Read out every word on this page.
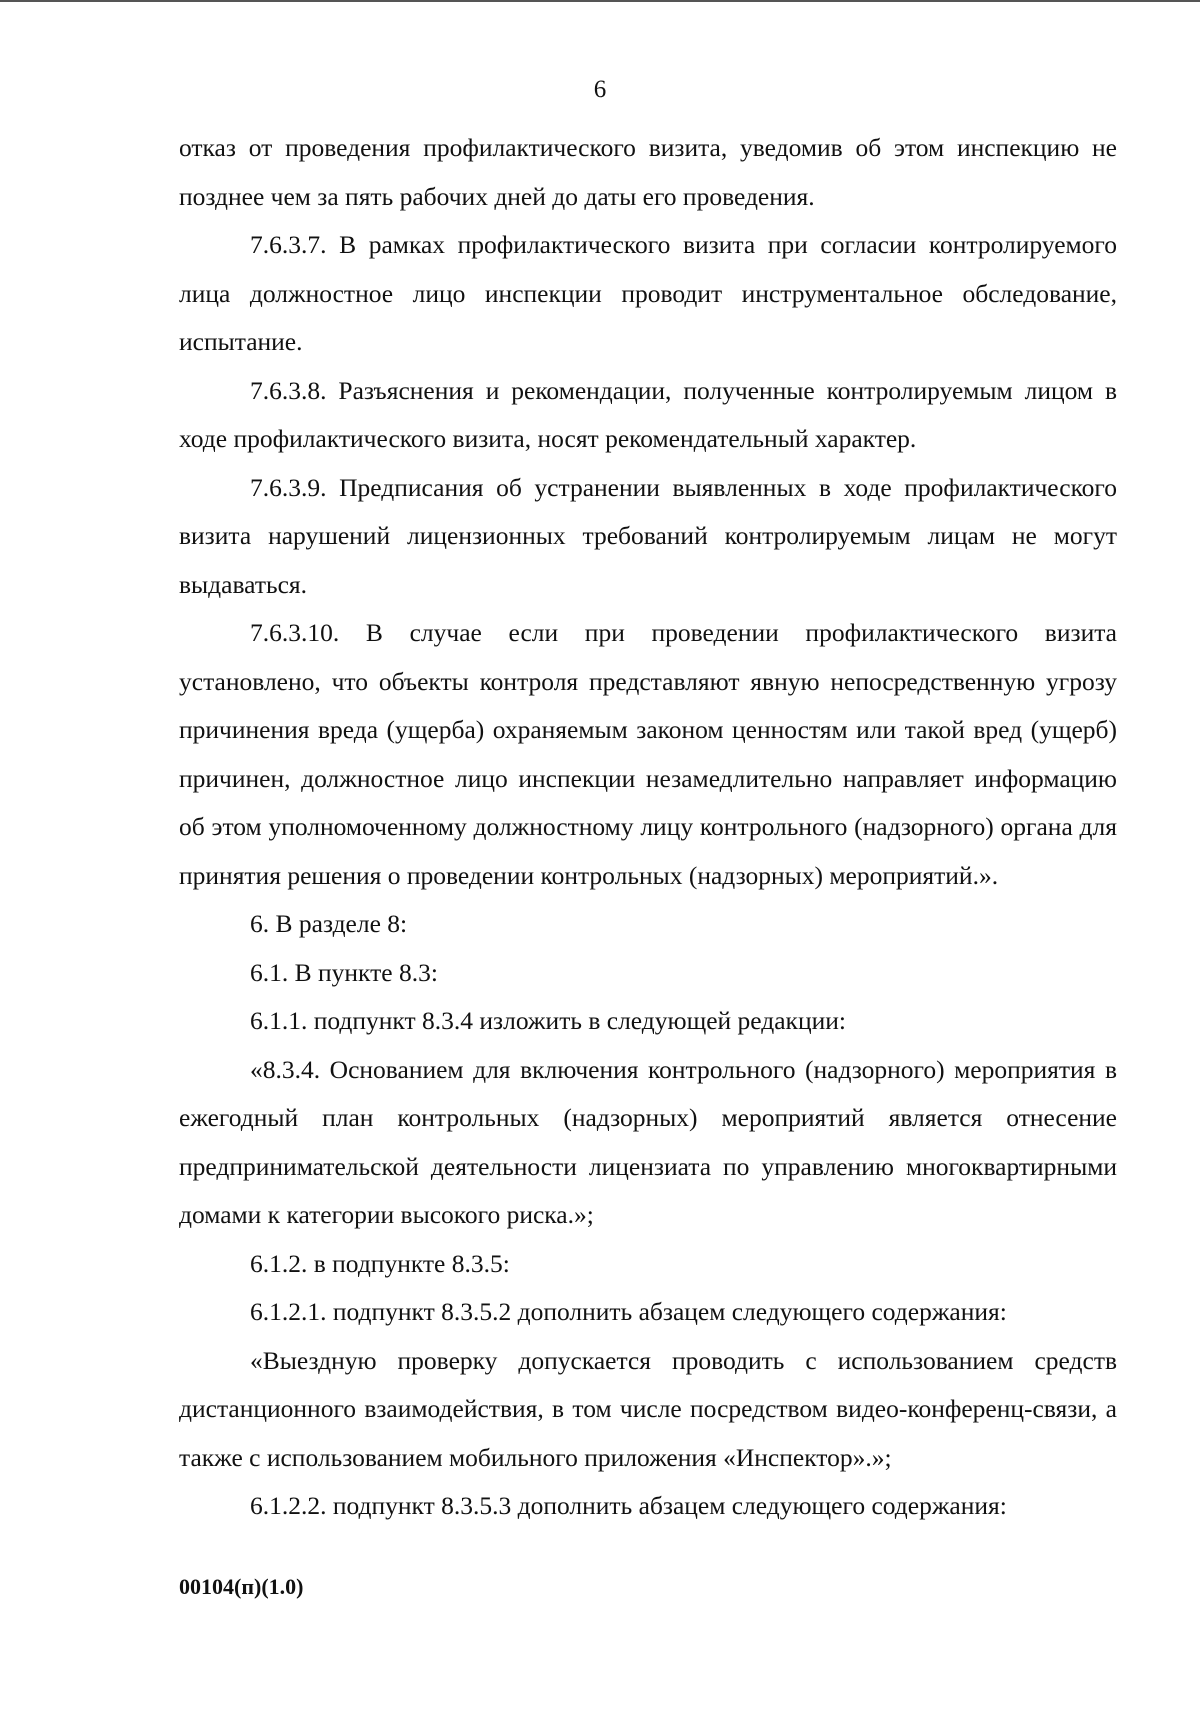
6

отказ от проведения профилактического визита, уведомив об этом инспекцию не позднее чем за пять рабочих дней до даты его проведения.

7.6.3.7. В рамках профилактического визита при согласии контролируемого лица должностное лицо инспекции проводит инструментальное обследование, испытание.

7.6.3.8. Разъяснения и рекомендации, полученные контролируемым лицом в ходе профилактического визита, носят рекомендательный характер.

7.6.3.9. Предписания об устранении выявленных в ходе профилактического визита нарушений лицензионных требований контролируемым лицам не могут выдаваться.

7.6.3.10. В случае если при проведении профилактического визита установлено, что объекты контроля представляют явную непосредственную угрозу причинения вреда (ущерба) охраняемым законом ценностям или такой вред (ущерб) причинен, должностное лицо инспекции незамедлительно направляет информацию об этом уполномоченному должностному лицу контрольного (надзорного) органа для принятия решения о проведении контрольных (надзорных) мероприятий.».

6. В разделе 8:

6.1. В пункте 8.3:

6.1.1. подпункт 8.3.4 изложить в следующей редакции:

«8.3.4. Основанием для включения контрольного (надзорного) мероприятия в ежегодный план контрольных (надзорных) мероприятий является отнесение предпринимательской деятельности лицензиата по управлению многоквартирными домами к категории высокого риска.»;

6.1.2. в подпункте 8.3.5:

6.1.2.1. подпункт 8.3.5.2 дополнить абзацем следующего содержания:

«Выездную проверку допускается проводить с использованием средств дистанционного взаимодействия, в том числе посредством видео-конференц-связи, а также с использованием мобильного приложения «Инспектор».»;

6.1.2.2. подпункт 8.3.5.3 дополнить абзацем следующего содержания:

00104(п)(1.0)
